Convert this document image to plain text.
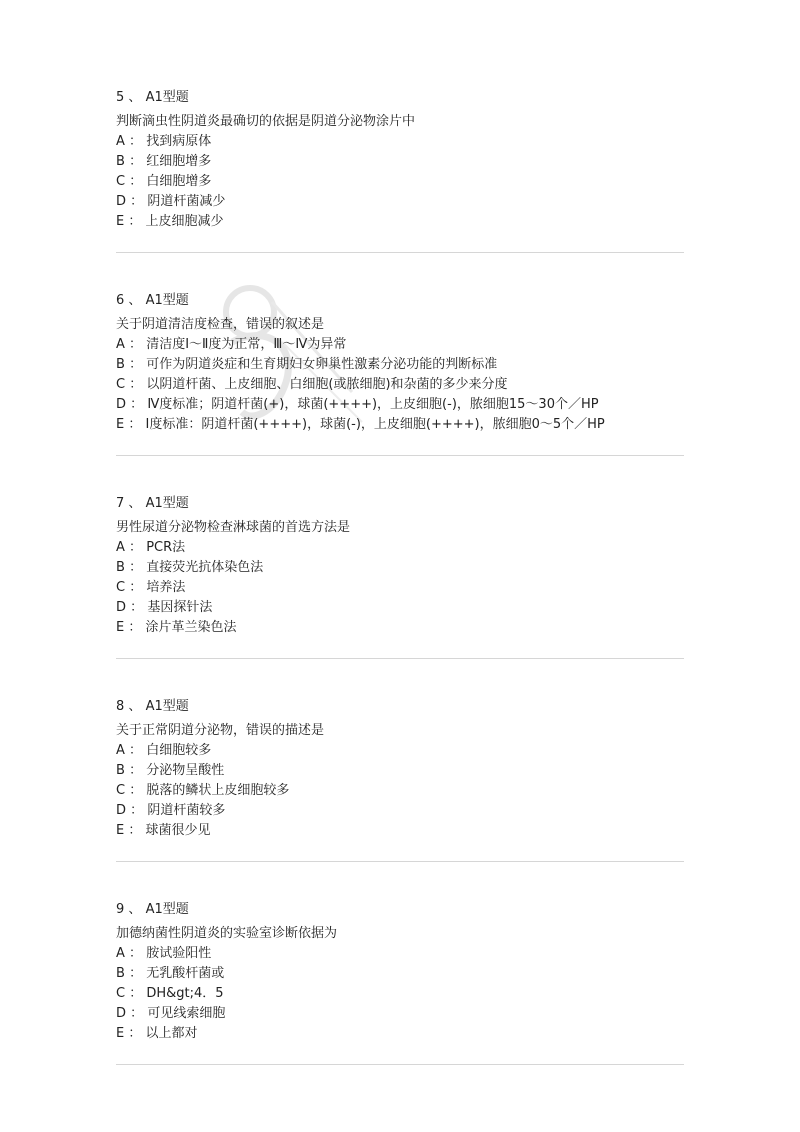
5 、 A1型题
判断滴虫性阴道炎最确切的依据是阴道分泌物涂片中
A ： 找到病原体
B ： 红细胞增多
C ： 白细胞增多
D ： 阴道杆菌减少
E ： 上皮细胞减少
6 、 A1型题
关于阴道清洁度检查，错误的叙述是
A ： 清洁度Ⅰ～Ⅱ度为正常，Ⅲ～Ⅳ为异常
B ： 可作为阴道炎症和生育期妇女卵巢性激素分泌功能的判断标准
C ： 以阴道杆菌、上皮细胞、白细胞(或脓细胞)和杂菌的多少来分度
D ： Ⅳ度标准；阴道杆菌(+)，球菌(++++)，上皮细胞(-)，脓细胞15～30个／HP
E ： Ⅰ度标准：阴道杆菌(++++)，球菌(-)，上皮细胞(++++)，脓细胞0～5个／HP
7 、 A1型题
男性尿道分泌物检查淋球菌的首选方法是
A ： PCR法
B ： 直接荧光抗体染色法
C ： 培养法
D ： 基因探针法
E ： 涂片革兰染色法
8 、 A1型题
关于正常阴道分泌物，错误的描述是
A ： 白细胞较多
B ： 分泌物呈酸性
C ： 脱落的鳞状上皮细胞较多
D ： 阴道杆菌较多
E ： 球菌很少见
9 、 A1型题
加德纳菌性阴道炎的实验室诊断依据为
A ： 胺试验阳性
B ： 无乳酸杆菌或
C ： DH&gt;4．5
D ： 可见线索细胞
E ： 以上都对
